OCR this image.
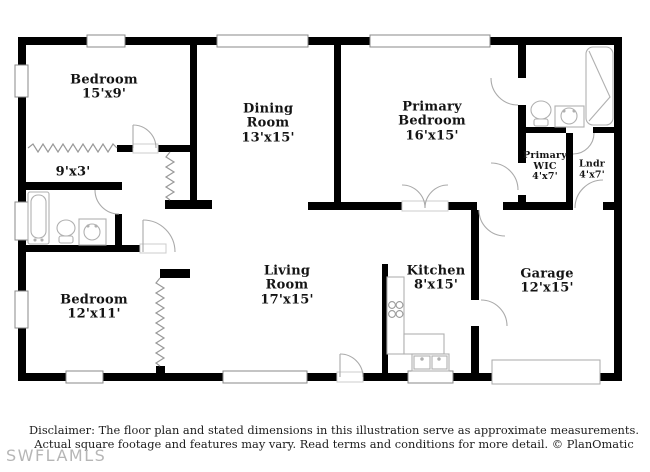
Bedroom
15'x9'
9'x3'
Dining Room
13'x15'
Primary Bedroom
16'x15'
Primary WIC
4'x7'
Lndr
4'x7'
Bedroom
12'x11'
Living Room
17'x15'
Kitchen
8'x15'
Garage
12'x15'
Disclaimer: The floor plan and stated dimensions in this illustration serve as approximate measurements.
Actual square footage and features may vary. Read terms and conditions for more detail. © PlanOmatic
SWFLAMLS
